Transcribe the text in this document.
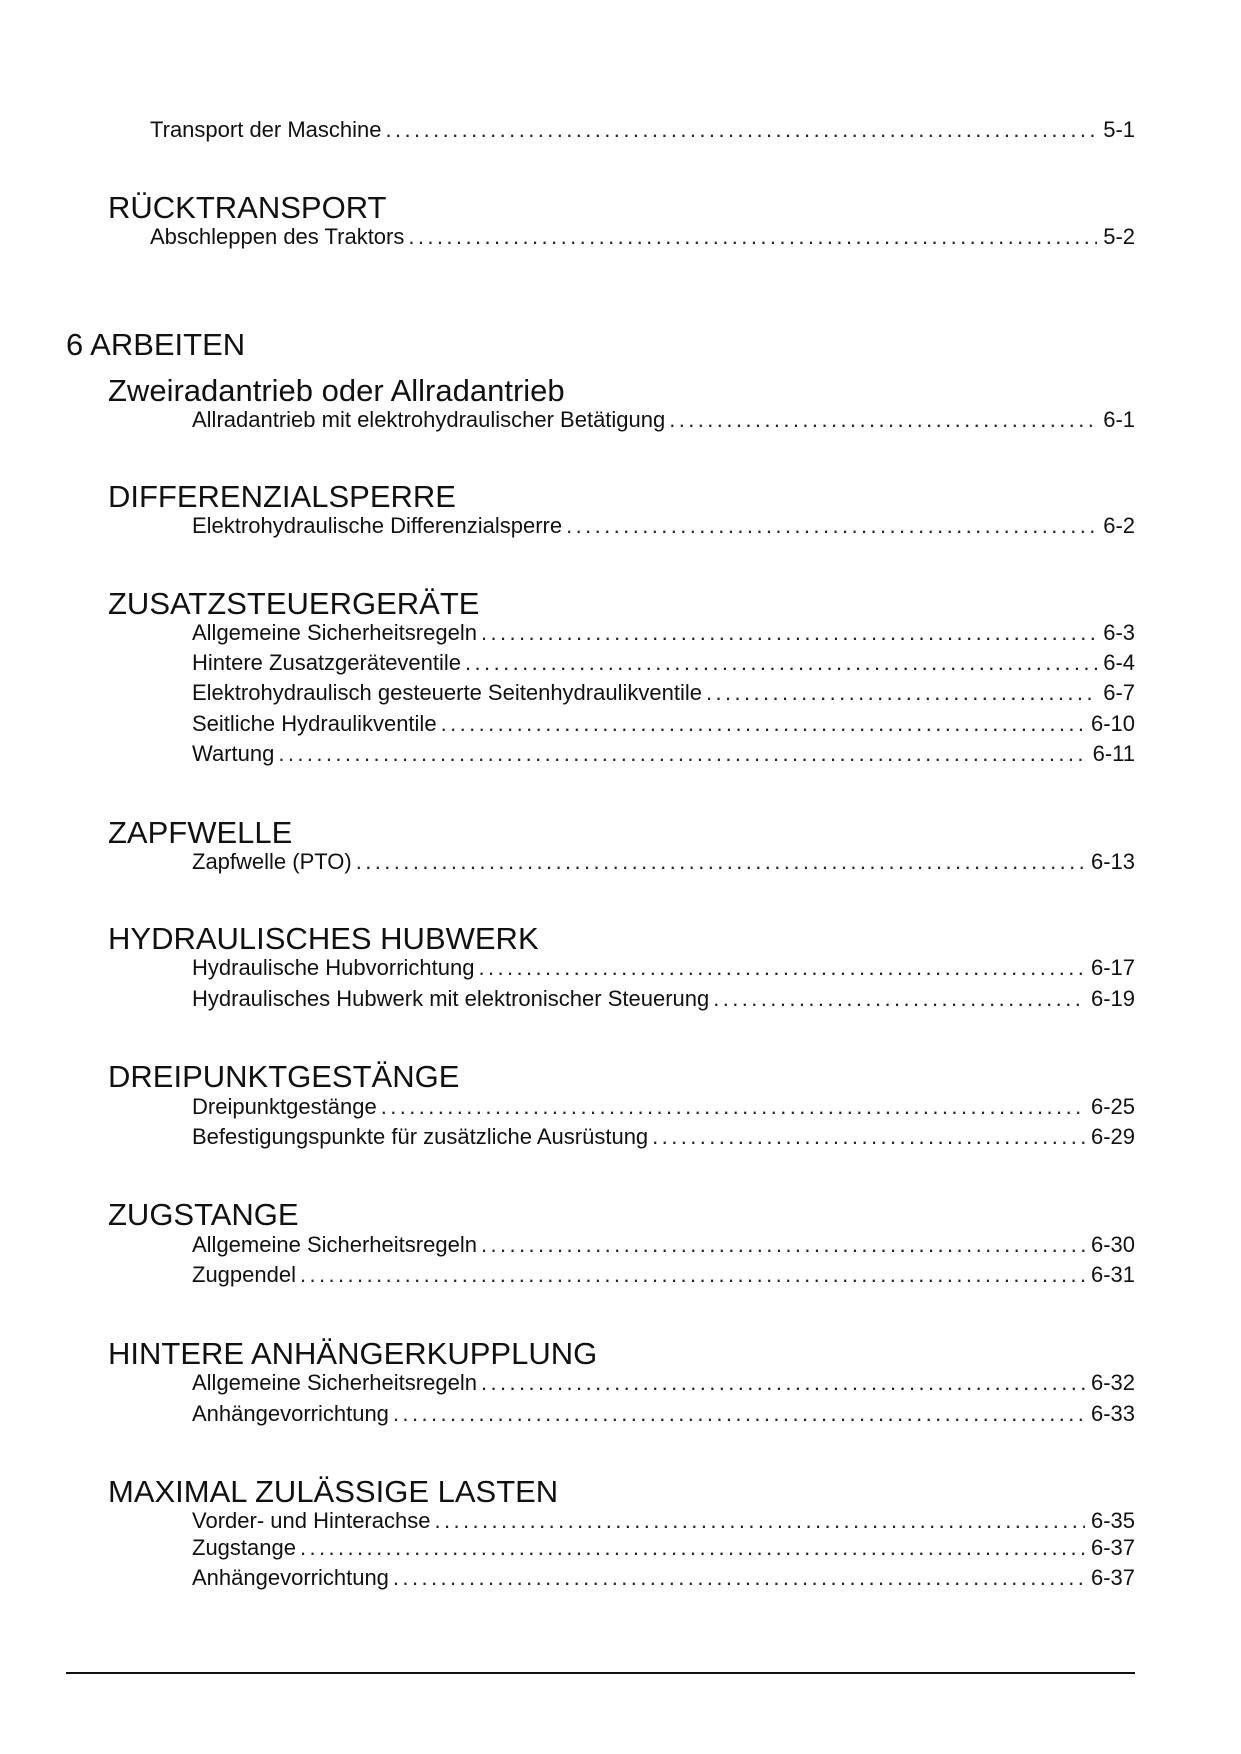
Transport der Maschine .....	5-1
RÜCKTRANSPORT
Abschleppen des Traktors .....	5-2
6 ARBEITEN
Zweiradantrieb oder Allradantrieb
Allradantrieb mit elektrohydraulischer Betätigung .....	6-1
DIFFERENZIALSPERRE
Elektrohydraulische Differenzialsperre .....	6-2
ZUSATZSTEUERGERÄTE
Allgemeine Sicherheitsregeln .....	6-3
Hintere Zusatzgeräteventile .....	6-4
Elektrohydraulisch gesteuerte Seitenhydraulikventile .....	6-7
Seitliche Hydraulikventile .....	6-10
Wartung .....	6-11
ZAPFWELLE
Zapfwelle (PTO) .....	6-13
HYDRAULISCHES HUBWERK
Hydraulische Hubvorrichtung .....	6-17
Hydraulisches Hubwerk mit elektronischer Steuerung .....	6-19
DREIPUNKTGESTÄNGE
Dreipunktgestänge .....	6-25
Befestigungspunkte für zusätzliche Ausrüstung .....	6-29
ZUGSTANGE
Allgemeine Sicherheitsregeln .....	6-30
Zugpendel .....	6-31
HINTERE ANHÄNGERKUPPLUNG
Allgemeine Sicherheitsregeln .....	6-32
Anhängevorrichtung .....	6-33
MAXIMAL ZULÄSSIGE LASTEN
Vorder- und Hinterachse .....	6-35
Zugstange .....	6-37
Anhängevorrichtung .....	6-37
